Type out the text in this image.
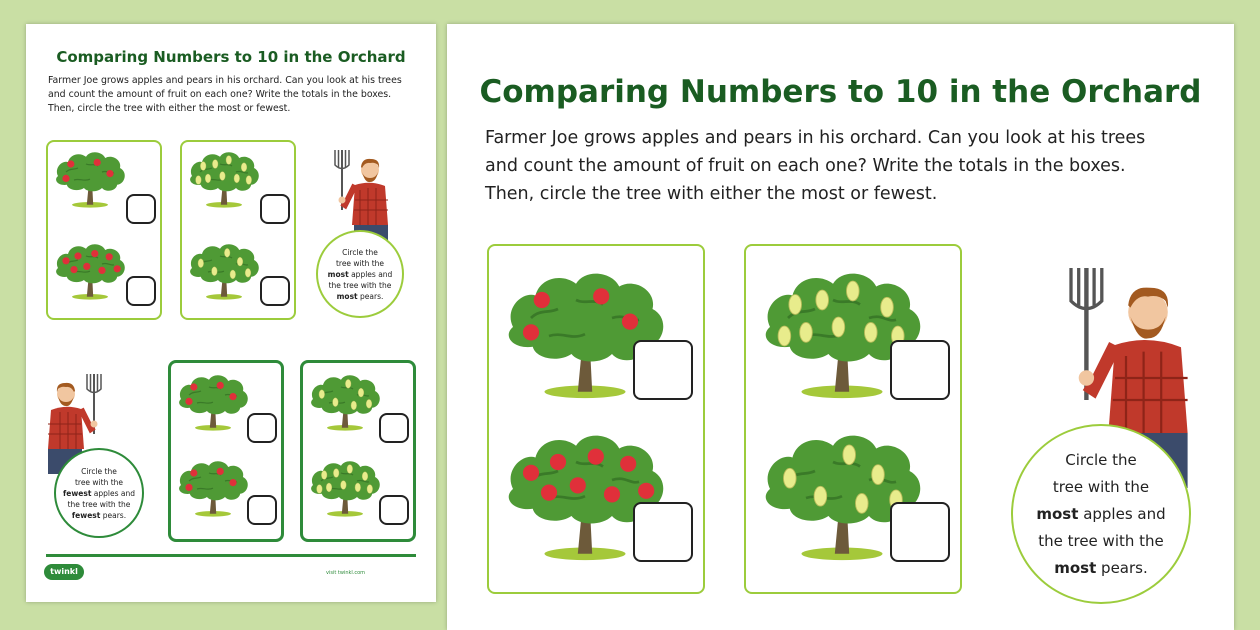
Comparing Numbers to 10 in the Orchard
Farmer Joe grows apples and pears in his orchard. Can you look at his trees
and count the amount of fruit on each one? Write the totals in the boxes.
Then, circle the tree with either the most or fewest.

Circle the
tree with the
most apples and
the tree with the
most pears.

Circle the
tree with the
fewest apples and
the tree with the
fewest pears.

twinkl	visit twinkl.com
Comparing Numbers to 10 in the Orchard
Farmer Joe grows apples and pears in his orchard. Can you look at his trees
and count the amount of fruit on each one? Write the totals in the boxes.
Then, circle the tree with either the most or fewest.

Circle the
tree with the
most apples and
the tree with the
most pears.
